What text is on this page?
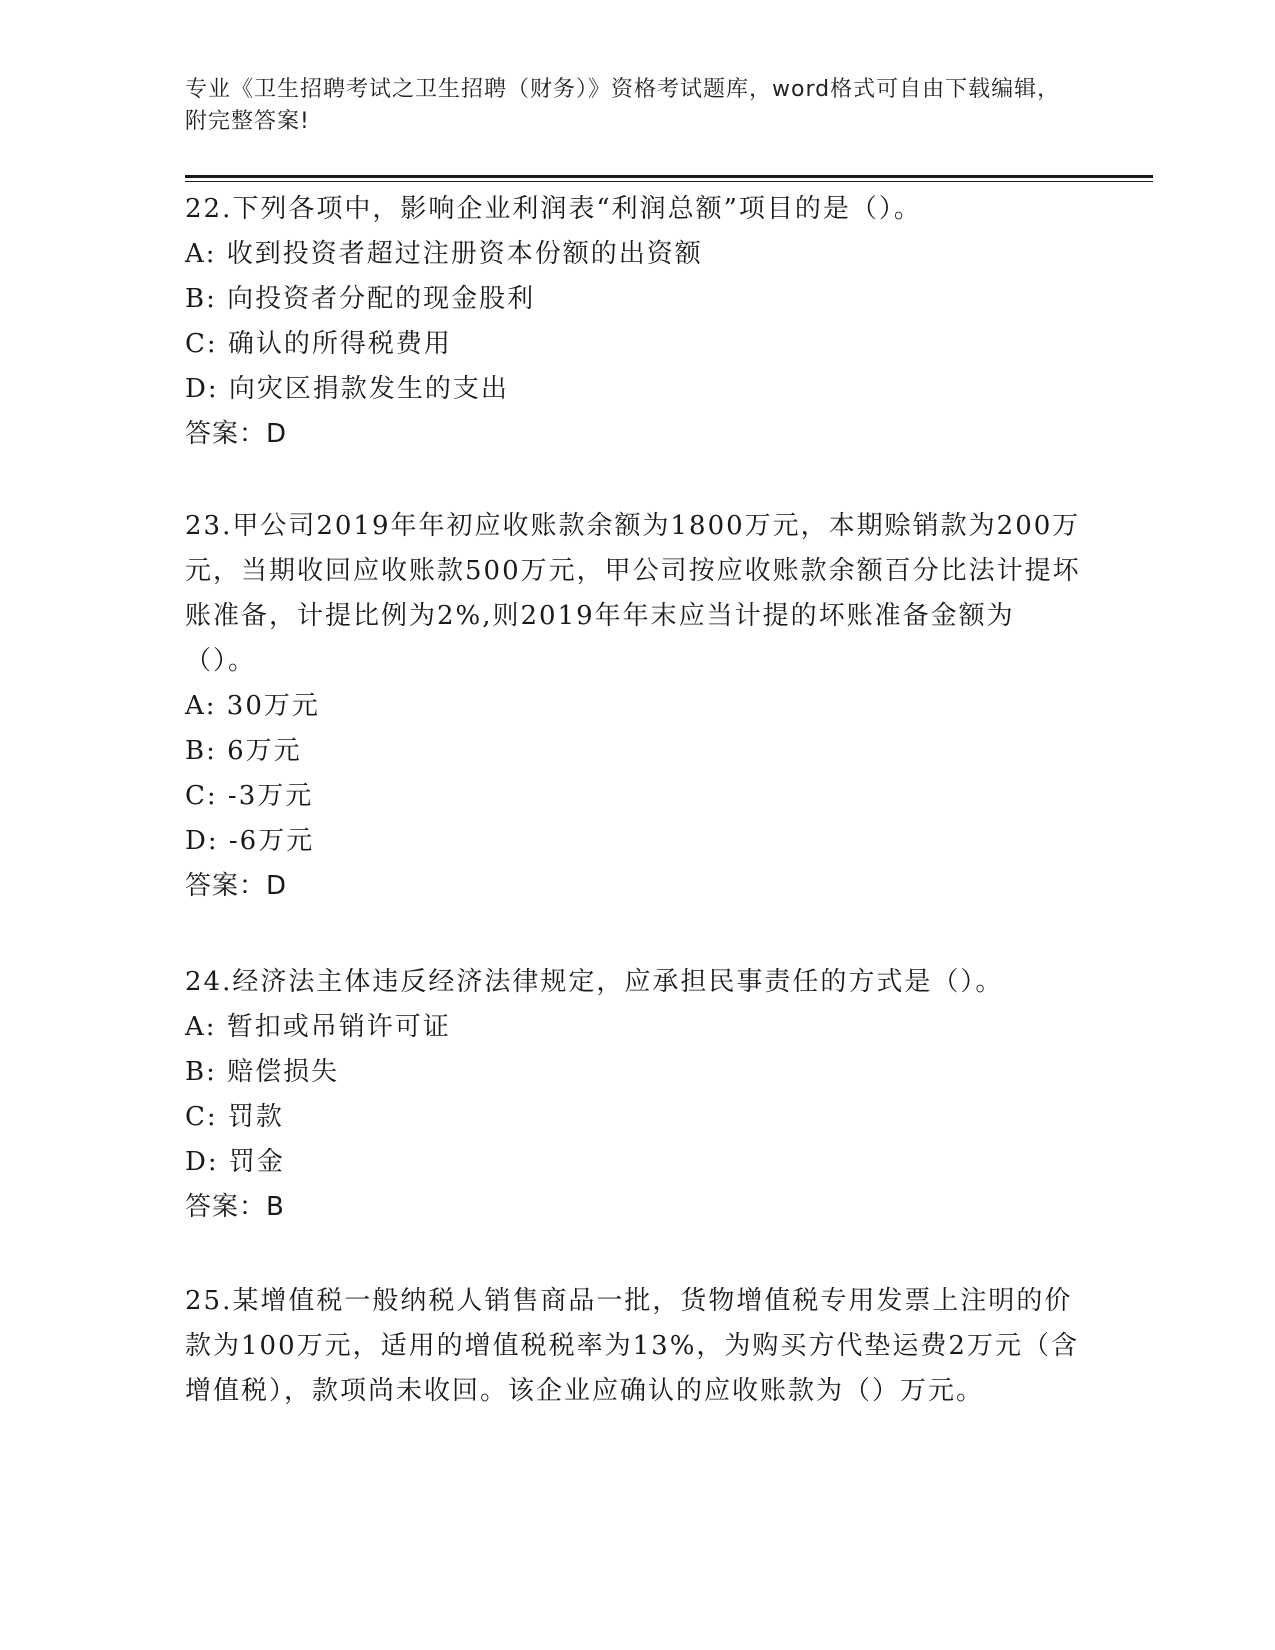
专业《卫生招聘考试之卫生招聘（财务）》资格考试题库，word格式可自由下载编辑，附完整答案!

22.下列各项中，影响企业利润表“利润总额”项目的是（）。

A: 收到投资者超过注册资本份额的出资额

B: 向投资者分配的现金股利

C: 确认的所得税费用

D: 向灾区捐款发生的支出

答案：D

23.甲公司2019年年初应收账款余额为1800万元，本期赊销款为200万元，当期收回应收账款500万元，甲公司按应收账款余额百分比法计提坏账准备，计提比例为2%,则2019年年末应当计提的坏账准备金额为（）。

A: 30万元

B: 6万元

C: -3万元

D: -6万元

答案：D

24.经济法主体违反经济法律规定，应承担民事责任的方式是（）。

A: 暂扣或吊销许可证

B: 赔偿损失

C: 罚款

D: 罚金

答案：B

25.某增值税一般纳税人销售商品一批，货物增值税专用发票上注明的价款为100万元，适用的增值税税率为13%，为购买方代垫运费2万元（含增值税），款项尚未收回。该企业应确认的应收账款为（）万元。
